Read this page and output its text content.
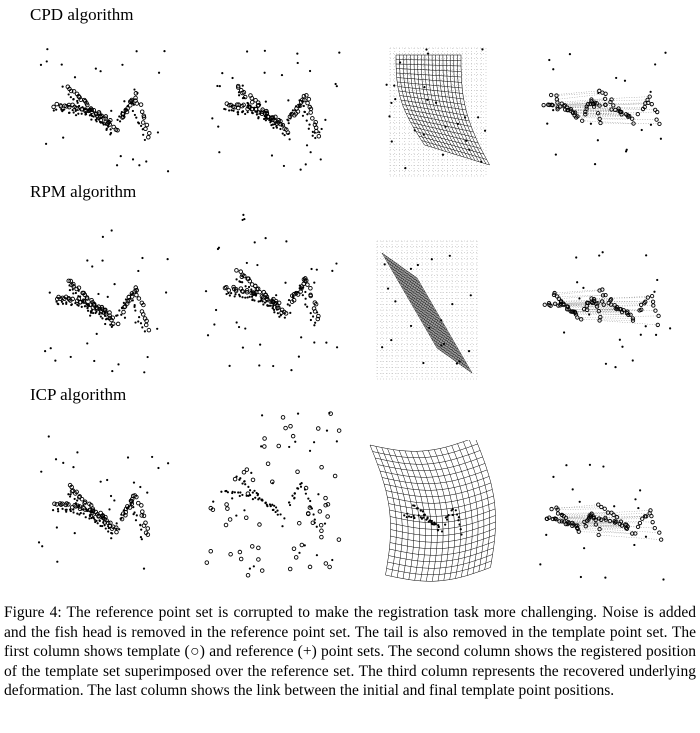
CPD algorithm
RPM algorithm
ICP algorithm
Figure 4: The reference point set is corrupted to make the registration task more challenging. Noise is added and the fish head is removed in the reference point set. The tail is also removed in the template point set. The first column shows template (○) and reference (+) point sets. The second column shows the registered position of the template set superimposed over the reference set. The third column represents the recovered underlying deformation. The last column shows the link between the initial and final template point positions.
